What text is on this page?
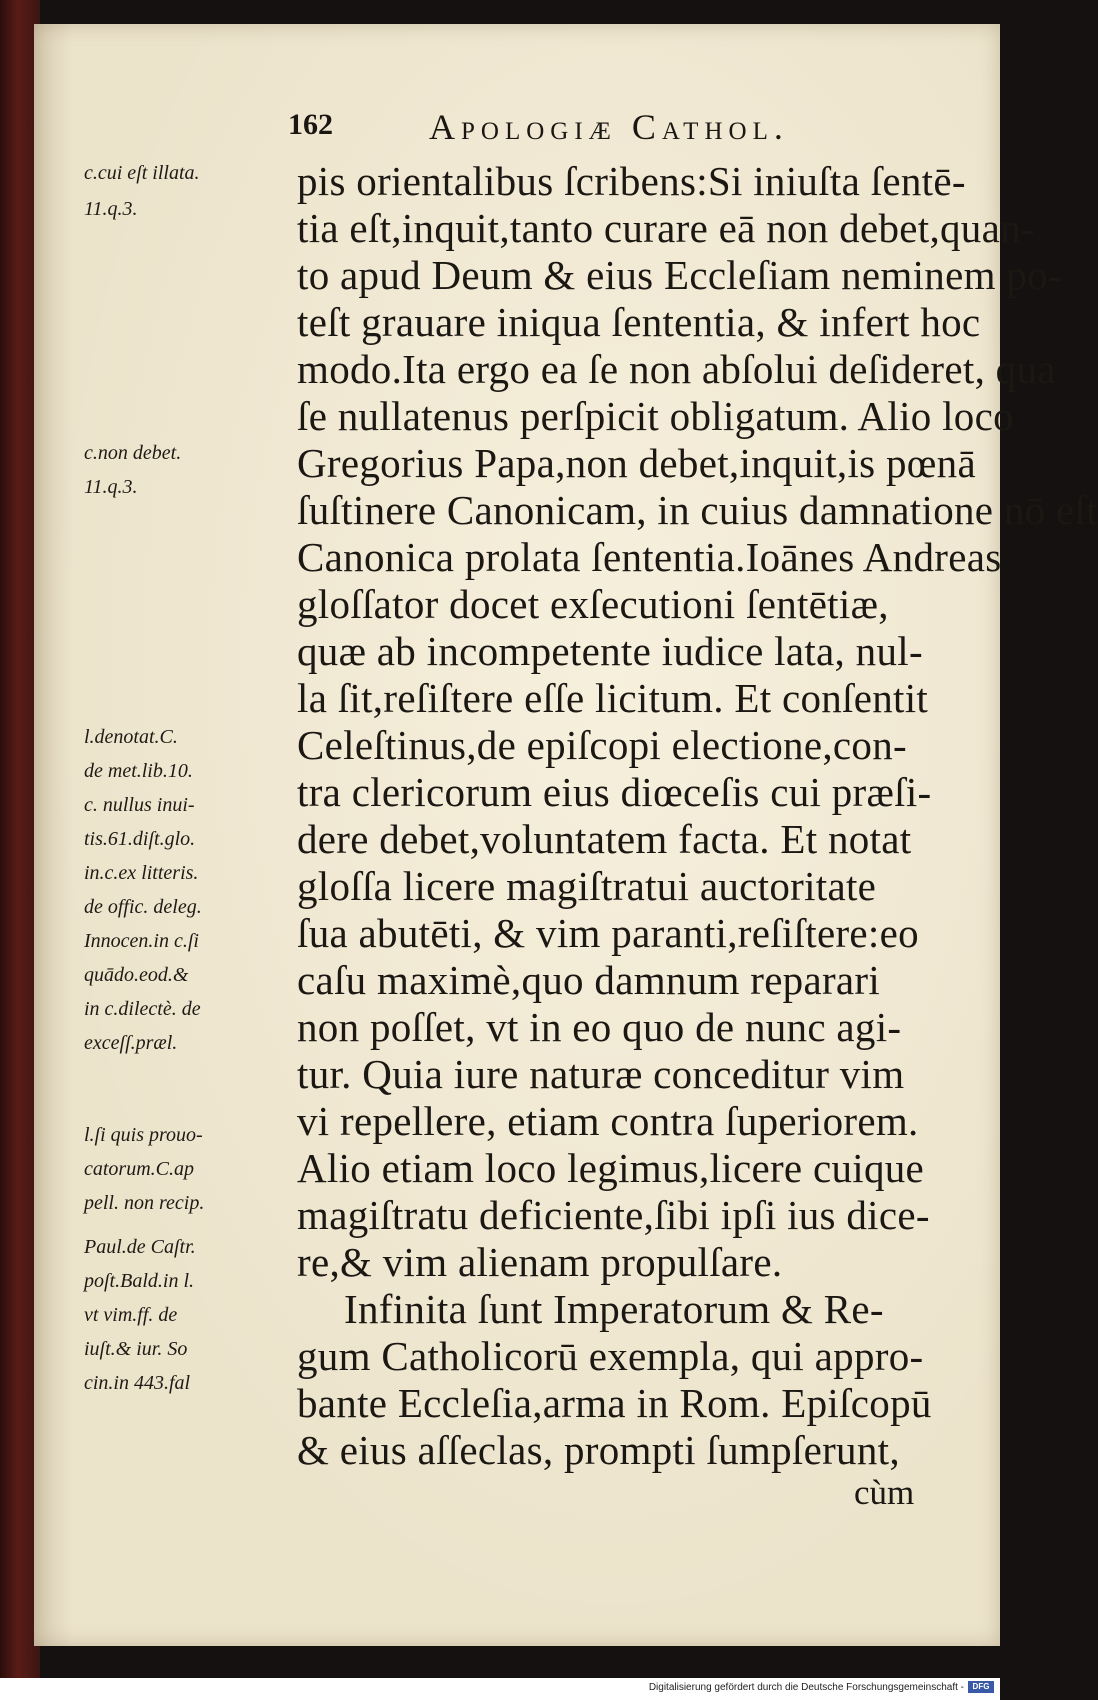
162	Apologiæ Cathol.
pis orientalibus ſcribens:Si iniuſta ſentē-
tia eſt,inquit,tanto curare eā non debet,quan-
to apud Deum & eius Eccleſiam neminem po-
teſt grauare iniqua ſententia, & infert hoc
modo.Ita ergo ea ſe non abſolui deſideret, qua
ſe nullatenus perſpicit obligatum. Alio loco
Gregorius Papa,non debet,inquit,is pœnā
ſuſtinere Canonicam, in cuius damnatione nō eſt
Canonica prolata ſententia.Ioānes Andreas
gloſſator docet exſecutioni ſentētiæ,
quæ ab incompetente iudice lata, nul-
la ſit,reſiſtere eſſe licitum. Et conſentit
Celeſtinus,de epiſcopi electione,con-
tra clericorum eius diœceſis cui præſi-
dere debet,voluntatem facta. Et notat
gloſſa licere magiſtratui auctoritate
ſua abutēti, & vim paranti,reſiſtere:eo
caſu maximè,quo damnum reparari
non poſſet, vt in eo quo de nunc agi-
tur. Quia iure naturæ conceditur vim
vi repellere, etiam contra ſuperiorem.
Alio etiam loco legimus,licere cuique
magiſtratu deficiente,ſibi ipſi ius dice-
re,& vim alienam propulſare.
Infinita ſunt Imperatorum & Re-
gum Catholicorū exempla, qui appro-
bante Eccleſia,arma in Rom. Epiſcopū
& eius aſſeclas, prompti ſumpſerunt,
cùm
c.cui eſt illata.
11.q.3.
c.non debet.
11.q.3.
l.denotat.C.
de met.lib.10.
c. nullus inui-
tis.61.diſt.glo.
in.c.ex litteris.
de offic. deleg.
Innocen.in c.ſi
quādo.eod.&
in c.dilectè. de
exceſſ.præl.
l.ſi quis prouo-
catorum.C.ap
pell. non recip.
Paul.de Caſtr.
poſt.Bald.in l.
vt vim.ff. de
iuſt.& iur. So
cin.in 443.fal
Digitalisierung gefördert durch die Deutsche Forschungsgemeinschaft -	DFG
